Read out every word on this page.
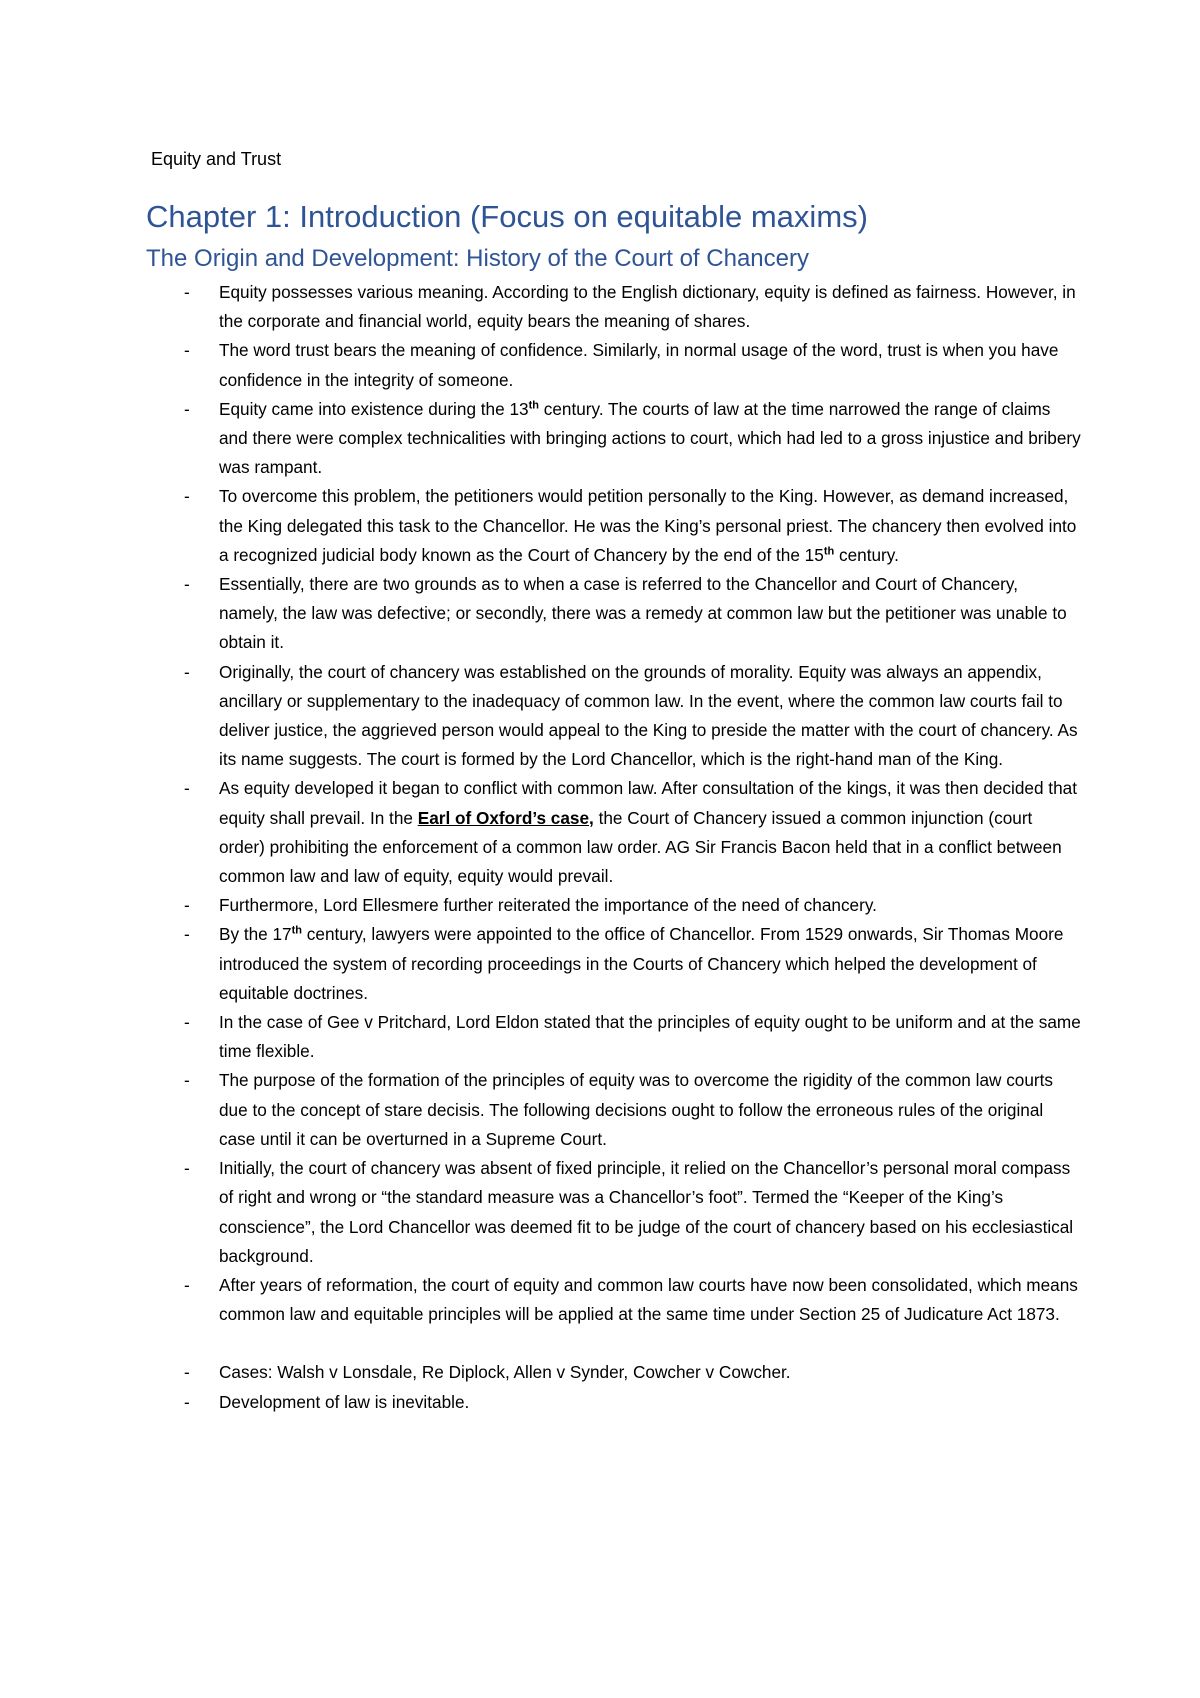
Equity and Trust
Chapter 1: Introduction (Focus on equitable maxims)
The Origin and Development: History of the Court of Chancery
- Equity possesses various meaning. According to the English dictionary, equity is defined as fairness. However, in the corporate and financial world, equity bears the meaning of shares.
- The word trust bears the meaning of confidence. Similarly, in normal usage of the word, trust is when you have confidence in the integrity of someone.
- Equity came into existence during the 13th century. The courts of law at the time narrowed the range of claims and there were complex technicalities with bringing actions to court, which had led to a gross injustice and bribery was rampant.
- To overcome this problem, the petitioners would petition personally to the King. However, as demand increased, the King delegated this task to the Chancellor. He was the King’s personal priest. The chancery then evolved into a recognized judicial body known as the Court of Chancery by the end of the 15th century.
- Essentially, there are two grounds as to when a case is referred to the Chancellor and Court of Chancery, namely, the law was defective; or secondly, there was a remedy at common law but the petitioner was unable to obtain it.
- Originally, the court of chancery was established on the grounds of morality. Equity was always an appendix, ancillary or supplementary to the inadequacy of common law. In the event, where the common law courts fail to deliver justice, the aggrieved person would appeal to the King to preside the matter with the court of chancery. As its name suggests. The court is formed by the Lord Chancellor, which is the right-hand man of the King.
- As equity developed it began to conflict with common law. After consultation of the kings, it was then decided that equity shall prevail. In the Earl of Oxford’s case, the Court of Chancery issued a common injunction (court order) prohibiting the enforcement of a common law order. AG Sir Francis Bacon held that in a conflict between common law and law of equity, equity would prevail.
- Furthermore, Lord Ellesmere further reiterated the importance of the need of chancery.
- By the 17th century, lawyers were appointed to the office of Chancellor. From 1529 onwards, Sir Thomas Moore introduced the system of recording proceedings in the Courts of Chancery which helped the development of equitable doctrines.
- In the case of Gee v Pritchard, Lord Eldon stated that the principles of equity ought to be uniform and at the same time flexible.
- The purpose of the formation of the principles of equity was to overcome the rigidity of the common law courts due to the concept of stare decisis. The following decisions ought to follow the erroneous rules of the original case until it can be overturned in a Supreme Court.
- Initially, the court of chancery was absent of fixed principle, it relied on the Chancellor’s personal moral compass of right and wrong or “the standard measure was a Chancellor’s foot”. Termed the “Keeper of the King’s conscience”, the Lord Chancellor was deemed fit to be judge of the court of chancery based on his ecclesiastical background.
- After years of reformation, the court of equity and common law courts have now been consolidated, which means common law and equitable principles will be applied at the same time under Section 25 of Judicature Act 1873.
- Cases: Walsh v Lonsdale, Re Diplock, Allen v Synder, Cowcher v Cowcher.
- Development of law is inevitable.
